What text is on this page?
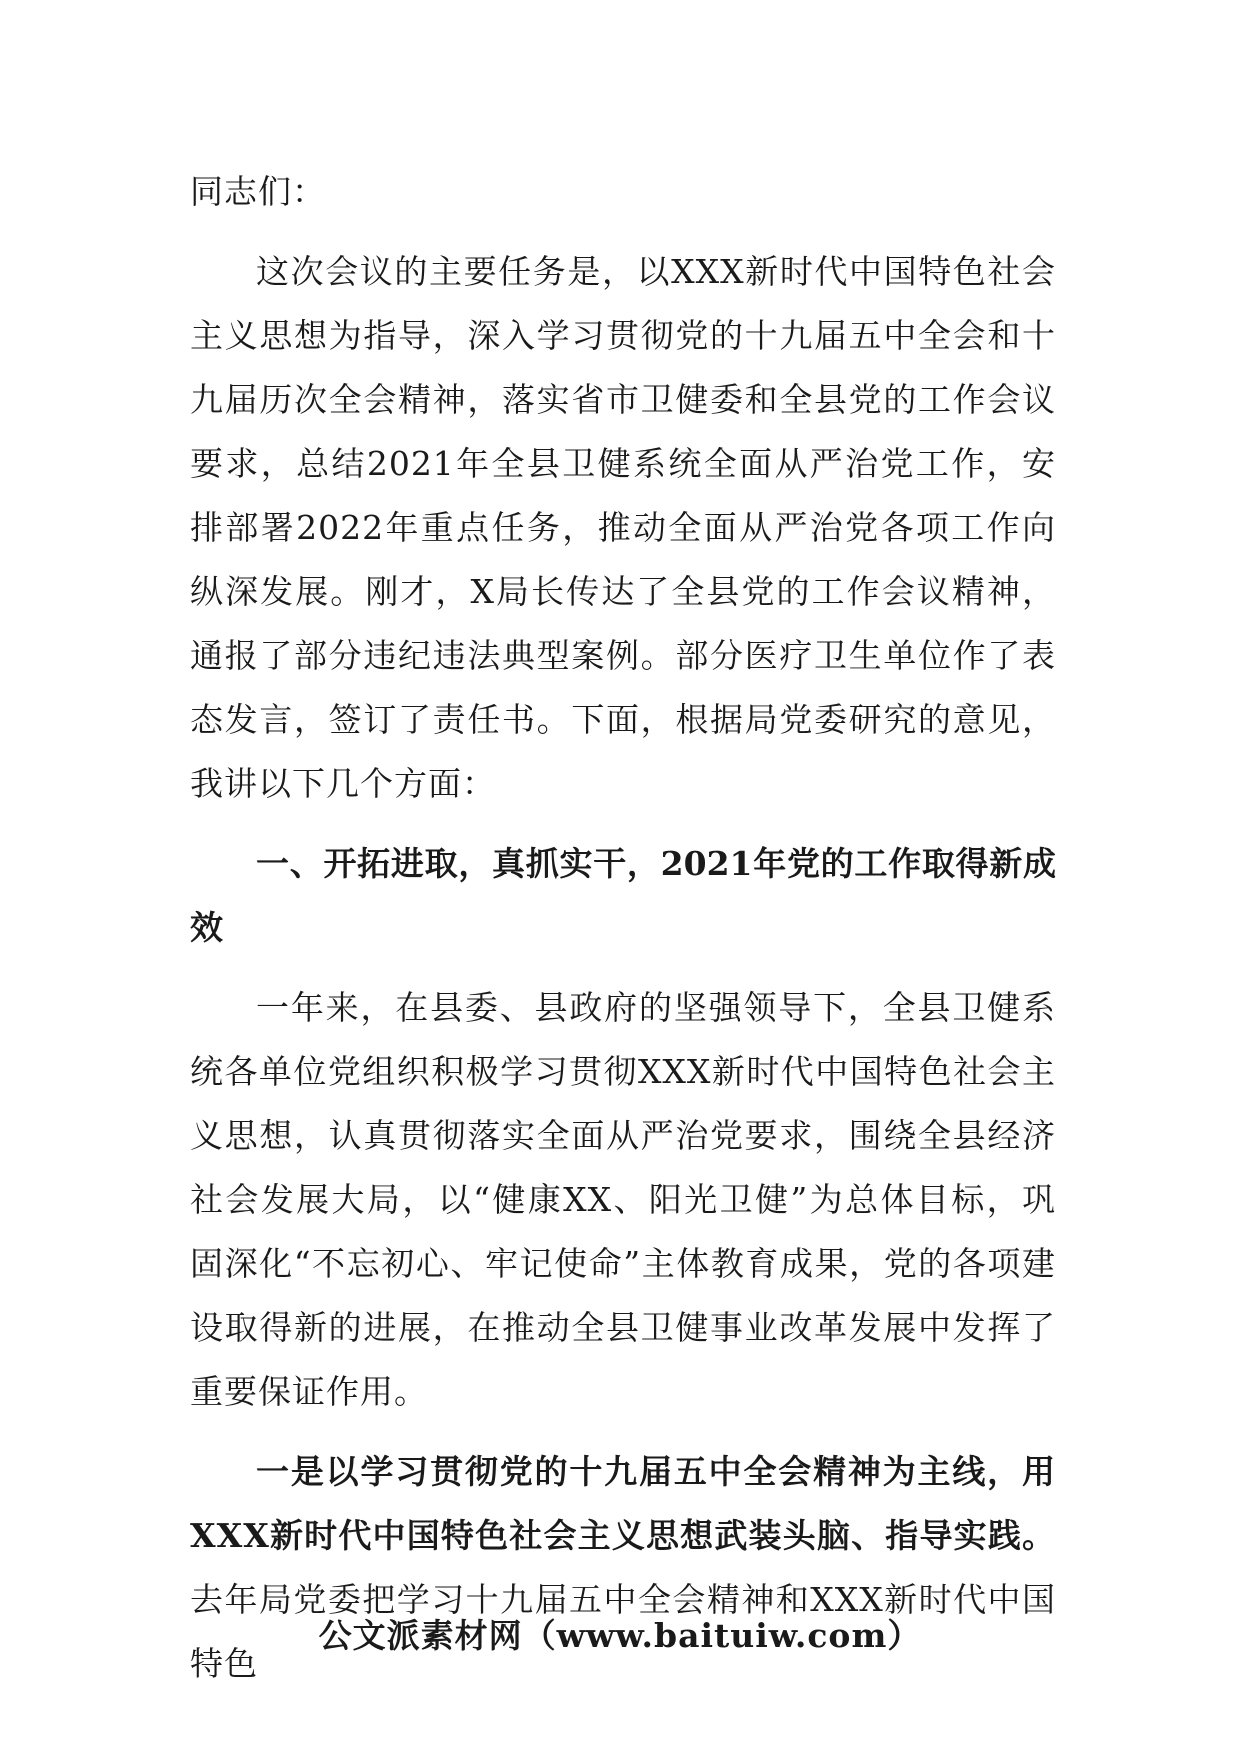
同志们：

这次会议的主要任务是，以XXX新时代中国特色社会主义思想为指导，深入学习贯彻党的十九届五中全会和十九届历次全会精神，落实省市卫健委和全县党的工作会议要求，总结2021年全县卫健系统全面从严治党工作，安排部署2022年重点任务，推动全面从严治党各项工作向纵深发展。刚才，X局长传达了全县党的工作会议精神，通报了部分违纪违法典型案例。部分医疗卫生单位作了表态发言，签订了责任书。下面，根据局党委研究的意见，我讲以下几个方面：

一、开拓进取，真抓实干，2021年党的工作取得新成效

一年来，在县委、县政府的坚强领导下，全县卫健系统各单位党组织积极学习贯彻XXX新时代中国特色社会主义思想，认真贯彻落实全面从严治党要求，围绕全县经济社会发展大局，以“健康XX、阳光卫健”为总体目标，巩固深化“不忘初心、牢记使命”主体教育成果，党的各项建设取得新的进展，在推动全县卫健事业改革发展中发挥了重要保证作用。

一是以学习贯彻党的十九届五中全会精神为主线，用XXX新时代中国特色社会主义思想武装头脑、指导实践。去年局党委把学习十九届五中全会精神和XXX新时代中国特色

公文派素材网（www.baituiw.com）
